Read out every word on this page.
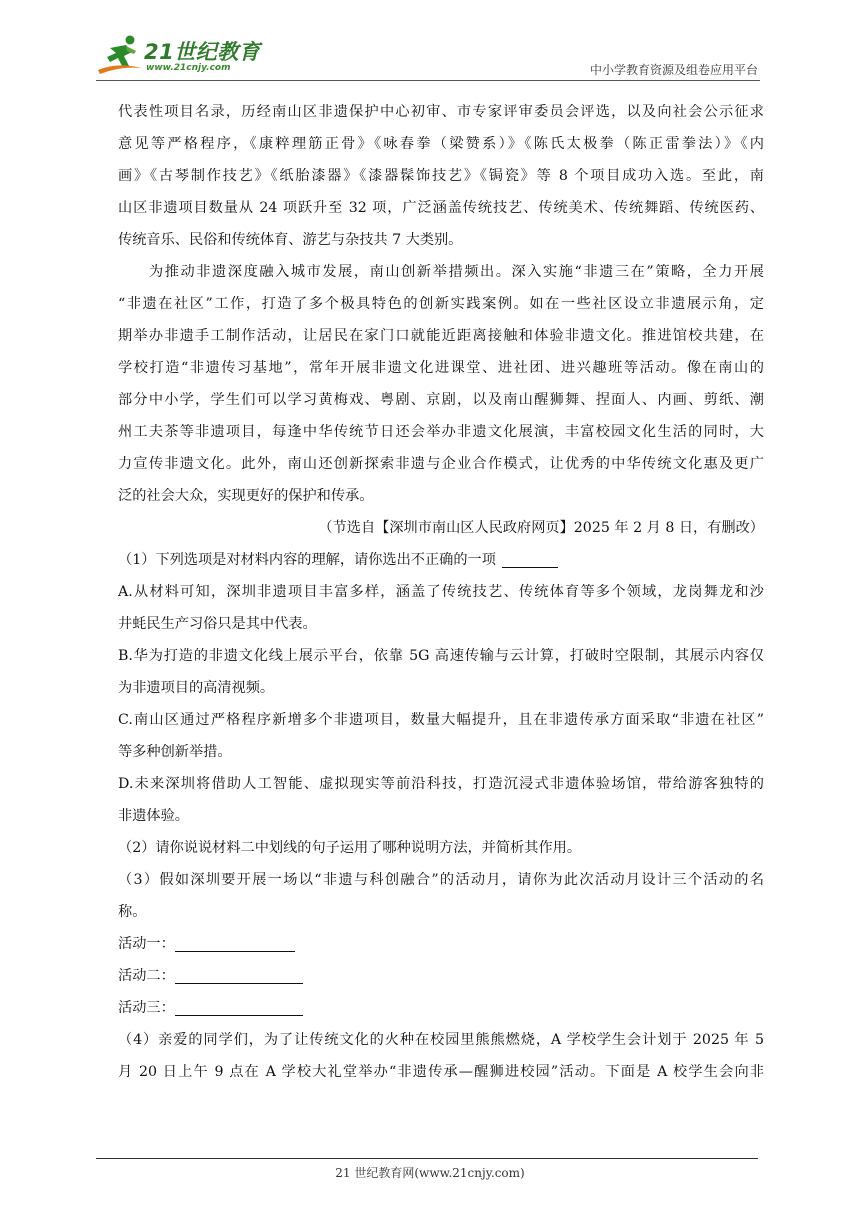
21世纪教育
www.21cnjy.com	中小学教育资源及组卷应用平台
代表性项目名录，历经南山区非遗保护中心初审、市专家评审委员会评选，以及向社会公示征求
意见等严格程序，《康粹理筋正骨》《咏春拳（梁赞系）》《陈氏太极拳（陈正雷拳法）》《内
画》《古琴制作技艺》《纸胎漆器》《漆器髹饰技艺》《锔瓷》等 8 个项目成功入选。至此，南
山区非遗项目数量从 24 项跃升至 32 项，广泛涵盖传统技艺、传统美术、传统舞蹈、传统医药、
传统音乐、民俗和传统体育、游艺与杂技共 7 大类别。
为推动非遗深度融入城市发展，南山创新举措频出。深入实施“非遗三在”策略，全力开展
“非遗在社区”工作，打造了多个极具特色的创新实践案例。如在一些社区设立非遗展示角，定
期举办非遗手工制作活动，让居民在家门口就能近距离接触和体验非遗文化。推进馆校共建，在
学校打造“非遗传习基地”，常年开展非遗文化进课堂、进社团、进兴趣班等活动。像在南山的
部分中小学，学生们可以学习黄梅戏、粤剧、京剧，以及南山醒狮舞、捏面人、内画、剪纸、潮
州工夫茶等非遗项目，每逢中华传统节日还会举办非遗文化展演，丰富校园文化生活的同时，大
力宣传非遗文化。此外，南山还创新探索非遗与企业合作模式，让优秀的中华传统文化惠及更广
泛的社会大众，实现更好的保护和传承。
（节选自【深圳市南山区人民政府网页】2025 年 2 月 8 日，有删改）
（1）下列选项是对材料内容的理解，请你选出不正确的一项
A.从材料可知，深圳非遗项目丰富多样，涵盖了传统技艺、传统体育等多个领域，龙岗舞龙和沙
井蚝民生产习俗只是其中代表。
B.华为打造的非遗文化线上展示平台，依靠 5G 高速传输与云计算，打破时空限制，其展示内容仅
为非遗项目的高清视频。
C.南山区通过严格程序新增多个非遗项目，数量大幅提升，且在非遗传承方面采取“非遗在社区”
等多种创新举措。
D.未来深圳将借助人工智能、虚拟现实等前沿科技，打造沉浸式非遗体验场馆，带给游客独特的
非遗体验。
（2）请你说说材料二中划线的句子运用了哪种说明方法，并简析其作用。
（3）假如深圳要开展一场以“非遗与科创融合”的活动月，请你为此次活动月设计三个活动的名
称。
活动一：
活动二：
活动三：
（4）亲爱的同学们，为了让传统文化的火种在校园里熊熊燃烧，A 学校学生会计划于 2025 年 5
月 20 日上午 9 点在 A 学校大礼堂举办“非遗传承—醒狮进校园”活动。下面是 A 校学生会向非
21 世纪教育网(www.21cnjy.com)
